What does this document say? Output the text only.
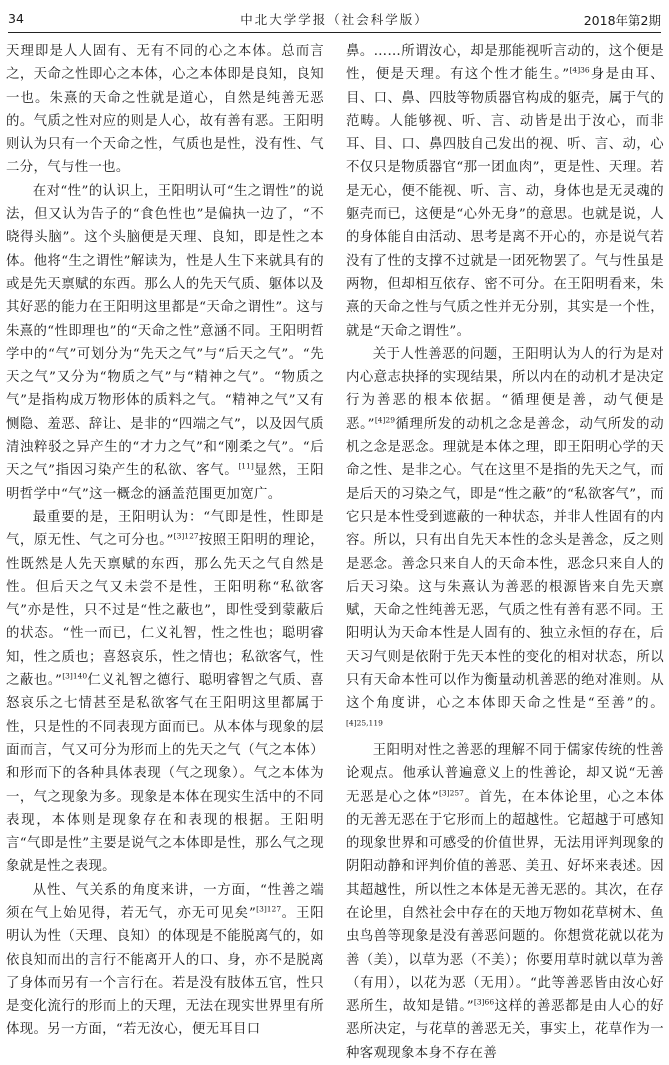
34	中北大学学报（社会科学版）	2018年第2期

天理即是人人固有、无有不同的心之本体。总而言之，天命之性即心之本体，心之本体即是良知，良知一也。朱熹的天命之性就是道心，自然是纯善无恶的。气质之性对应的则是人心，故有善有恶。王阳明则认为只有一个天命之性，气质也是性，没有性、气二分，气与性一也。

在对“性”的认识上，王阳明认可“生之谓性”的说法，但又认为告子的“食色性也”是偏执一边了，“不晓得头脑”。这个头脑便是天理、良知，即是性之本体。他将“生之谓性”解读为，性是人生下来就具有的或是先天禀赋的东西。那么人的先天气质、躯体以及其好恶的能力在王阳明这里都是“天命之谓性”。这与朱熹的“性即理也”的“天命之性”意涵不同。王阳明哲学中的“气”可划分为“先天之气”与“后天之气”。“先天之气”又分为“物质之气”与“精神之气”。“物质之气”是指构成万物形体的质料之气。“精神之气”又有恻隐、羞恶、辞让、是非的“四端之气”，以及因气质清浊粹驳之异产生的“才力之气”和“刚柔之气”。“后天之气”指因习染产生的私欲、客气。[11]显然，王阳明哲学中“气”这一概念的涵盖范围更加宽广。

最重要的是，王阳明认为：“气即是性，性即是气，原无性、气之可分也。”$^{[3]127}$按照王阳明的理论，性既然是人先天禀赋的东西，那么先天之气自然是性。但后天之气又未尝不是性，王阳明称“私欲客气”亦是性，只不过是“性之蔽也”，即性受到蒙蔽后的状态。“性一而已，仁义礼智，性之性也；聪明睿知，性之质也；喜怒哀乐，性之情也；私欲客气，性之蔽也。”$^{[3]140}$仁义礼智之德行、聪明睿智之气质、喜怒哀乐之七情甚至是私欲客气在王阳明这里都属于性，只是性的不同表现方面而已。从本体与现象的层面而言，气又可分为形而上的先天之气（气之本体）和形而下的各种具体表现（气之现象）。气之本体为一，气之现象为多。现象是本体在现实生活中的不同表现，本体则是现象存在和表现的根据。王阳明言“气即是性”主要是说气之本体即是性，那么气之现象就是性之表现。

从性、气关系的角度来讲，一方面，“性善之端须在气上始见得，若无气，亦无可见矣”$^{[3]127}$。王阳明认为性（天理、良知）的体现是不能脱离气的，如依良知而出的言行不能离开人的口、身，亦不是脱离了身体而另有一个言行在。若是没有肢体五官，性只是变化流行的形而上的天理，无法在现实世界里有所体现。另一方面，“若无汝心，便无耳目口

鼻。……所谓汝心，却是那能视听言动的，这个便是性，便是天理。有这个性才能生。”$^{[4]36}$身是由耳、目、口、鼻、四肢等物质器官构成的躯壳，属于气的范畴。人能够视、听、言、动皆是出于汝心，而非耳、目、口、鼻四肢自己发出的视、听、言、动，心不仅只是物质器官“那一团血肉”，更是性、天理。若是无心，便不能视、听、言、动，身体也是无灵魂的躯壳而已，这便是“心外无身”的意思。也就是说，人的身体能自由活动、思考是离不开心的，亦是说气若没有了性的支撑不过就是一团死物罢了。气与性虽是两物，但却相互依存、密不可分。在王阳明看来，朱熹的天命之性与气质之性并无分别，其实是一个性，就是“天命之谓性”。

关于人性善恶的问题，王阳明认为人的行为是对内心意志抉择的实现结果，所以内在的动机才是决定行为善恶的根本依据。“循理便是善，动气便是恶。”$^{[4]29}$循理所发的动机之念是善念，动气所发的动机之念是恶念。理就是本体之理，即王阳明心学的天命之性、是非之心。气在这里不是指的先天之气，而是后天的习染之气，即是“性之蔽”的“私欲客气”，而它只是本性受到遮蔽的一种状态，并非人性固有的内容。所以，只有出自先天本性的念头是善念，反之则是恶念。善念只来自人的天命本性，恶念只来自人的后天习染。这与朱熹认为善恶的根源皆来自先天禀赋，天命之性纯善无恶，气质之性有善有恶不同。王阳明认为天命本性是人固有的、独立永恒的存在，后天习气则是依附于先天本性的变化的相对状态，所以只有天命本性可以作为衡量动机善恶的绝对准则。从这个角度讲，心之本体即天命之性是“至善”的。$^{[4]25,119}$

王阳明对性之善恶的理解不同于儒家传统的性善论观点。他承认普遍意义上的性善论，却又说“无善无恶是心之体”$^{[3]257}$。首先，在本体论里，心之本体的无善无恶在于它形而上的超越性。它超越于可感知的现象世界和可感受的价值世界，无法用评判现象的阴阳动静和评判价值的善恶、美丑、好坏来表述。因其超越性，所以性之本体是无善无恶的。其次，在存在论里，自然社会中存在的天地万物如花草树木、鱼虫鸟兽等现象是没有善恶问题的。你想赏花就以花为善（美），以草为恶（不美）；你要用草时就以草为善（有用），以花为恶（无用）。“此等善恶皆由汝心好恶所生，故知是错。”$^{[3]66}$这样的善恶都是由人心的好恶所决定，与花草的善恶无关，事实上，花草作为一种客观现象本身不存在善
